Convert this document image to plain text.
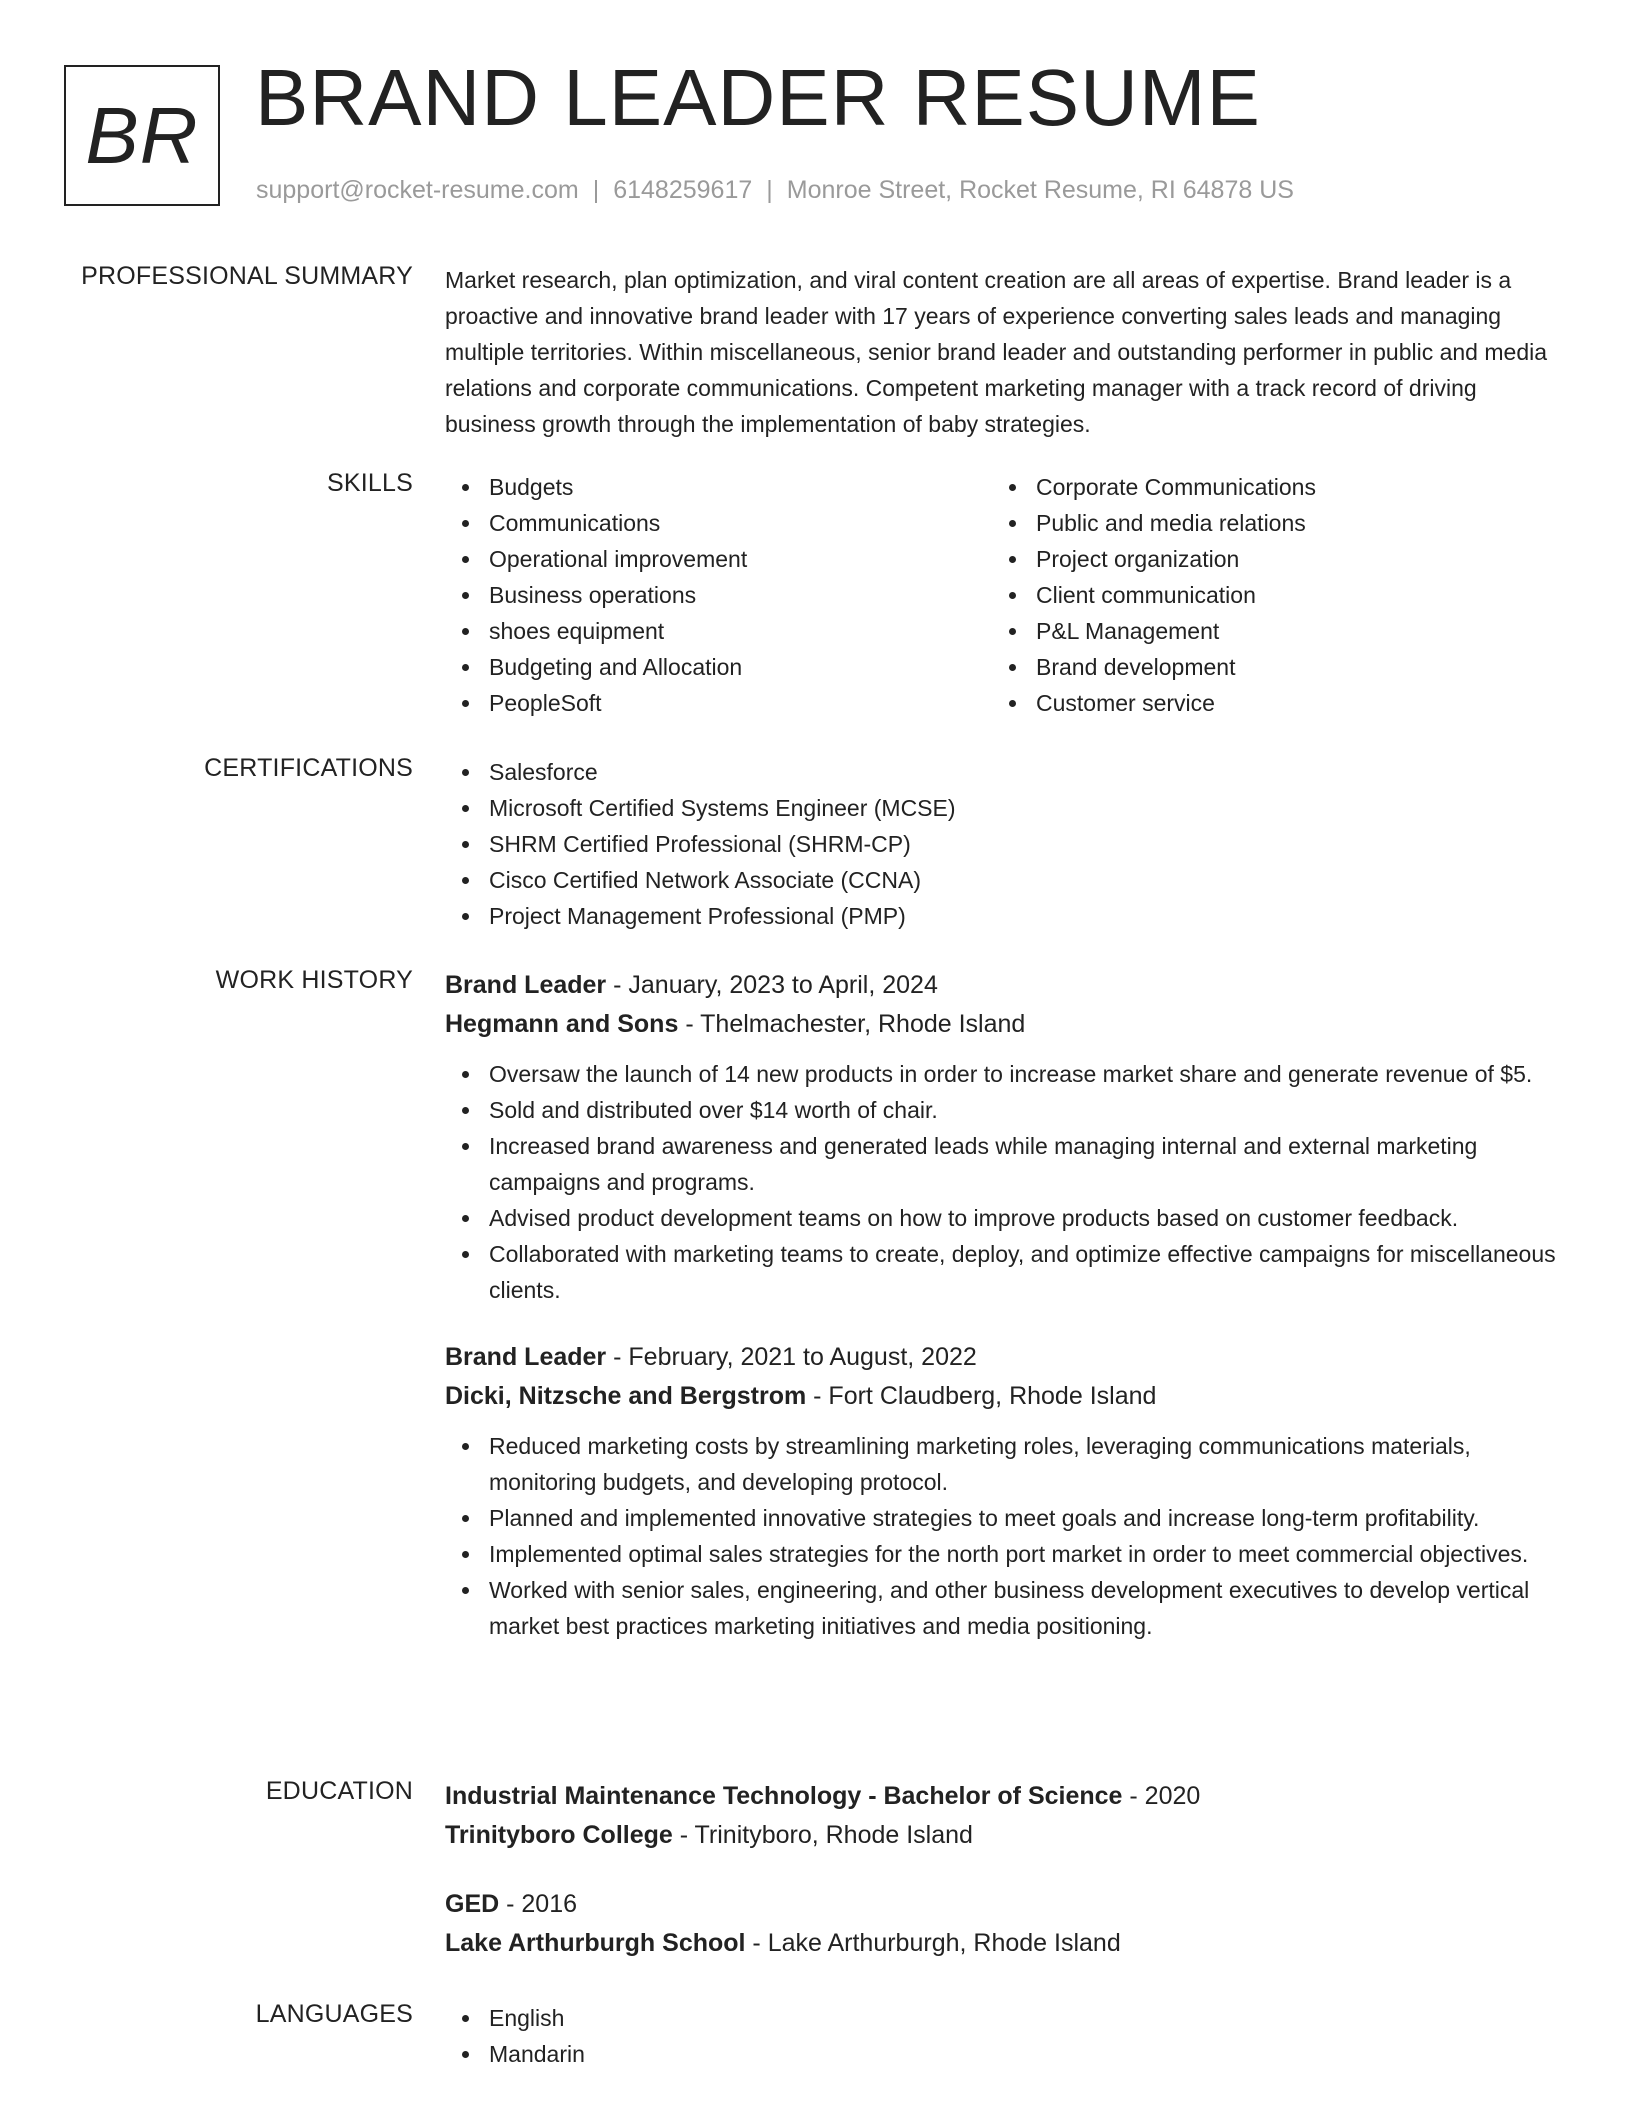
BR BRAND LEADER RESUME
support@rocket-resume.com | 6148259617 | Monroe Street, Rocket Resume, RI 64878 US
PROFESSIONAL SUMMARY Market research, plan optimization, and viral content creation are all areas of expertise. Brand leader is a proactive and innovative brand leader with 17 years of experience converting sales leads and managing multiple territories. Within miscellaneous, senior brand leader and outstanding performer in public and media relations and corporate communications. Competent marketing manager with a track record of driving business growth through the implementation of baby strategies.

SKILLS	Budgets
Communications
Operational improvement
Business operations
shoes equipment
Budgeting and Allocation
PeopleSoft
Corporate Communications
Public and media relations
Project organization
Client communication
P&L Management
Brand development
Customer service
CERTIFICATIONS	Salesforce
Microsoft Certified Systems Engineer (MCSE)
SHRM Certified Professional (SHRM-CP)
Cisco Certified Network Associate (CCNA)
Project Management Professional (PMP)
WORK HISTORY Brand Leader - January, 2023 to April, 2024
Hegmann and Sons - Thelmachester, Rhode Island
Oversaw the launch of 14 new products in order to increase market share and generate revenue of $5.
Sold and distributed over $14 worth of chair.
Increased brand awareness and generated leads while managing internal and external marketing campaigns and programs.
Advised product development teams on how to improve products based on customer feedback.
Collaborated with marketing teams to create, deploy, and optimize effective campaigns for miscellaneous clients.
Brand Leader - February, 2021 to August, 2022
Dicki, Nitzsche and Bergstrom - Fort Claudberg, Rhode Island
Reduced marketing costs by streamlining marketing roles, leveraging communications materials, monitoring budgets, and developing protocol.
Planned and implemented innovative strategies to meet goals and increase long-term profitability.
Implemented optimal sales strategies for the north port market in order to meet commercial objectives.
Worked with senior sales, engineering, and other business development executives to develop vertical market best practices marketing initiatives and media positioning.
EDUCATION Industrial Maintenance Technology - Bachelor of Science - 2020
Trinityboro College - Trinityboro, Rhode Island
GED - 2016
Lake Arthurburgh School - Lake Arthurburgh, Rhode Island
LANGUAGES	English
Mandarin
